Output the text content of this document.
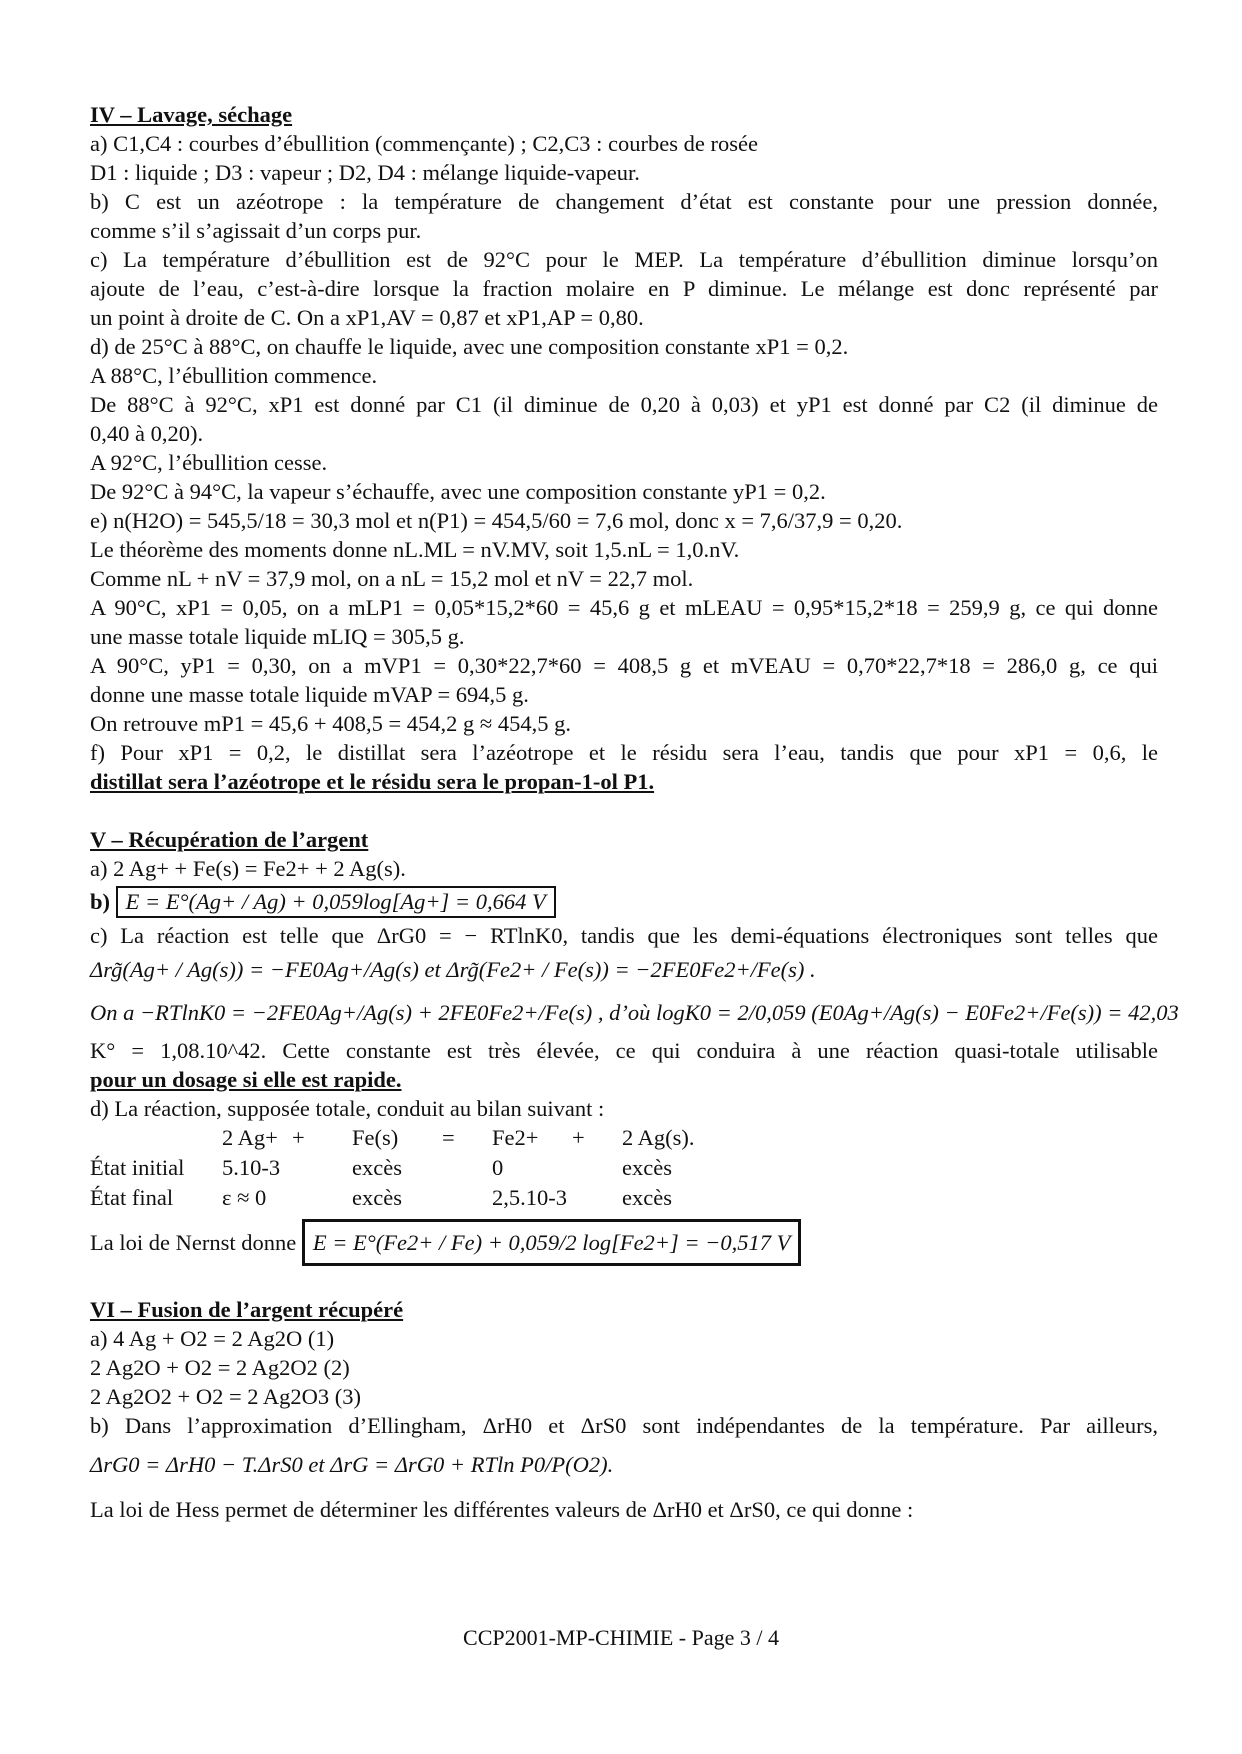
IV – Lavage, séchage
a) C1,C4 : courbes d’ébullition (commençante) ; C2,C3 : courbes de rosée
D1 : liquide ; D3 : vapeur ; D2, D4 : mélange liquide-vapeur.
b) C est un azéotrope : la température de changement d’état est constante pour une pression donnée,
comme s’il s’agissait d’un corps pur.
c) La température d’ébullition est de 92°C pour le MEP. La température d’ébullition diminue lorsqu’on
ajoute de l’eau, c’est-à-dire lorsque la fraction molaire en P diminue. Le mélange est donc représenté par
un point à droite de C. On a xP1,AV = 0,87 et xP1,AP = 0,80.
d) de 25°C à 88°C, on chauffe le liquide, avec une composition constante xP1 = 0,2.
A 88°C, l’ébullition commence.
De 88°C à 92°C, xP1 est donné par C1 (il diminue de 0,20 à 0,03) et yP1 est donné par C2 (il diminue de
0,40 à 0,20).
A 92°C, l’ébullition cesse.
De 92°C à 94°C, la vapeur s’échauffe, avec une composition constante yP1 = 0,2.
e) n(H2O) = 545,5/18 = 30,3 mol et n(P1) = 454,5/60 = 7,6 mol, donc x = 7,6/37,9 = 0,20.
Le théorème des moments donne nL.ML = nV.MV, soit 1,5.nL = 1,0.nV.
Comme nL + nV = 37,9 mol, on a nL = 15,2 mol et nV = 22,7 mol.
A 90°C, xP1 = 0,05, on a mLP1 = 0,05*15,2*60 = 45,6 g et mLEAU = 0,95*15,2*18 = 259,9 g, ce qui donne
une masse totale liquide mLIQ = 305,5 g.
A 90°C, yP1 = 0,30, on a mVP1 = 0,30*22,7*60 = 408,5 g et mVEAU = 0,70*22,7*18 = 286,0 g, ce qui
donne une masse totale liquide mVAP = 694,5 g.
On retrouve mP1 = 45,6 + 408,5 = 454,2 g ≈ 454,5 g.
f) Pour xP1 = 0,2, le distillat sera l’azéotrope et le résidu sera l’eau, tandis que pour xP1 = 0,6, le
distillat sera l’azéotrope et le résidu sera le propan-1-ol P1.
V – Récupération de l’argent
a) 2 Ag+ + Fe(s) = Fe2+ + 2 Ag(s).
b) E = E°(Ag+ / Ag) + 0,059log[Ag+] = 0,664 V
c) La réaction est telle que ΔrG0 = − RTlnK0, tandis que les demi-équations électroniques sont telles que
Δrg̃(Ag+ / Ag(s)) = −FE0Ag+/Ag(s) et Δrg̃(Fe2+ / Fe(s)) = −2FE0Fe2+/Fe(s) .
On a −RTlnK0 = −2FE0Ag+/Ag(s) + 2FE0Fe2+/Fe(s) , d’où logK0 = 2/0,059 (E0Ag+/Ag(s) − E0Fe2+/Fe(s)) = 42,03
K° = 1,08.10^42. Cette constante est très élevée, ce qui conduira à une réaction quasi-totale utilisable
pour un dosage si elle est rapide.
d) La réaction, supposée totale, conduit au bilan suivant :
	2 Ag+	+	Fe(s)	=	Fe2+	+	2 Ag(s).
État initial	5.10-3		excès		0		excès
État final	ε ≈ 0		excès		2,5.10-3		excès
La loi de Nernst donne E = E°(Fe2+ / Fe) + 0,059/2 log[Fe2+] = −0,517 V
VI – Fusion de l’argent récupéré
a) 4 Ag + O2 = 2 Ag2O (1)
2 Ag2O + O2 = 2 Ag2O2 (2)
2 Ag2O2 + O2 = 2 Ag2O3 (3)
b) Dans l’approximation d’Ellingham, ΔrH0 et ΔrS0 sont indépendantes de la température. Par ailleurs,
ΔrG0 = ΔrH0 − T.ΔrS0 et ΔrG = ΔrG0 + RTln P0/P(O2).
La loi de Hess permet de déterminer les différentes valeurs de ΔrH0 et ΔrS0, ce qui donne :
CCP2001-MP-CHIMIE - Page 3 / 4
